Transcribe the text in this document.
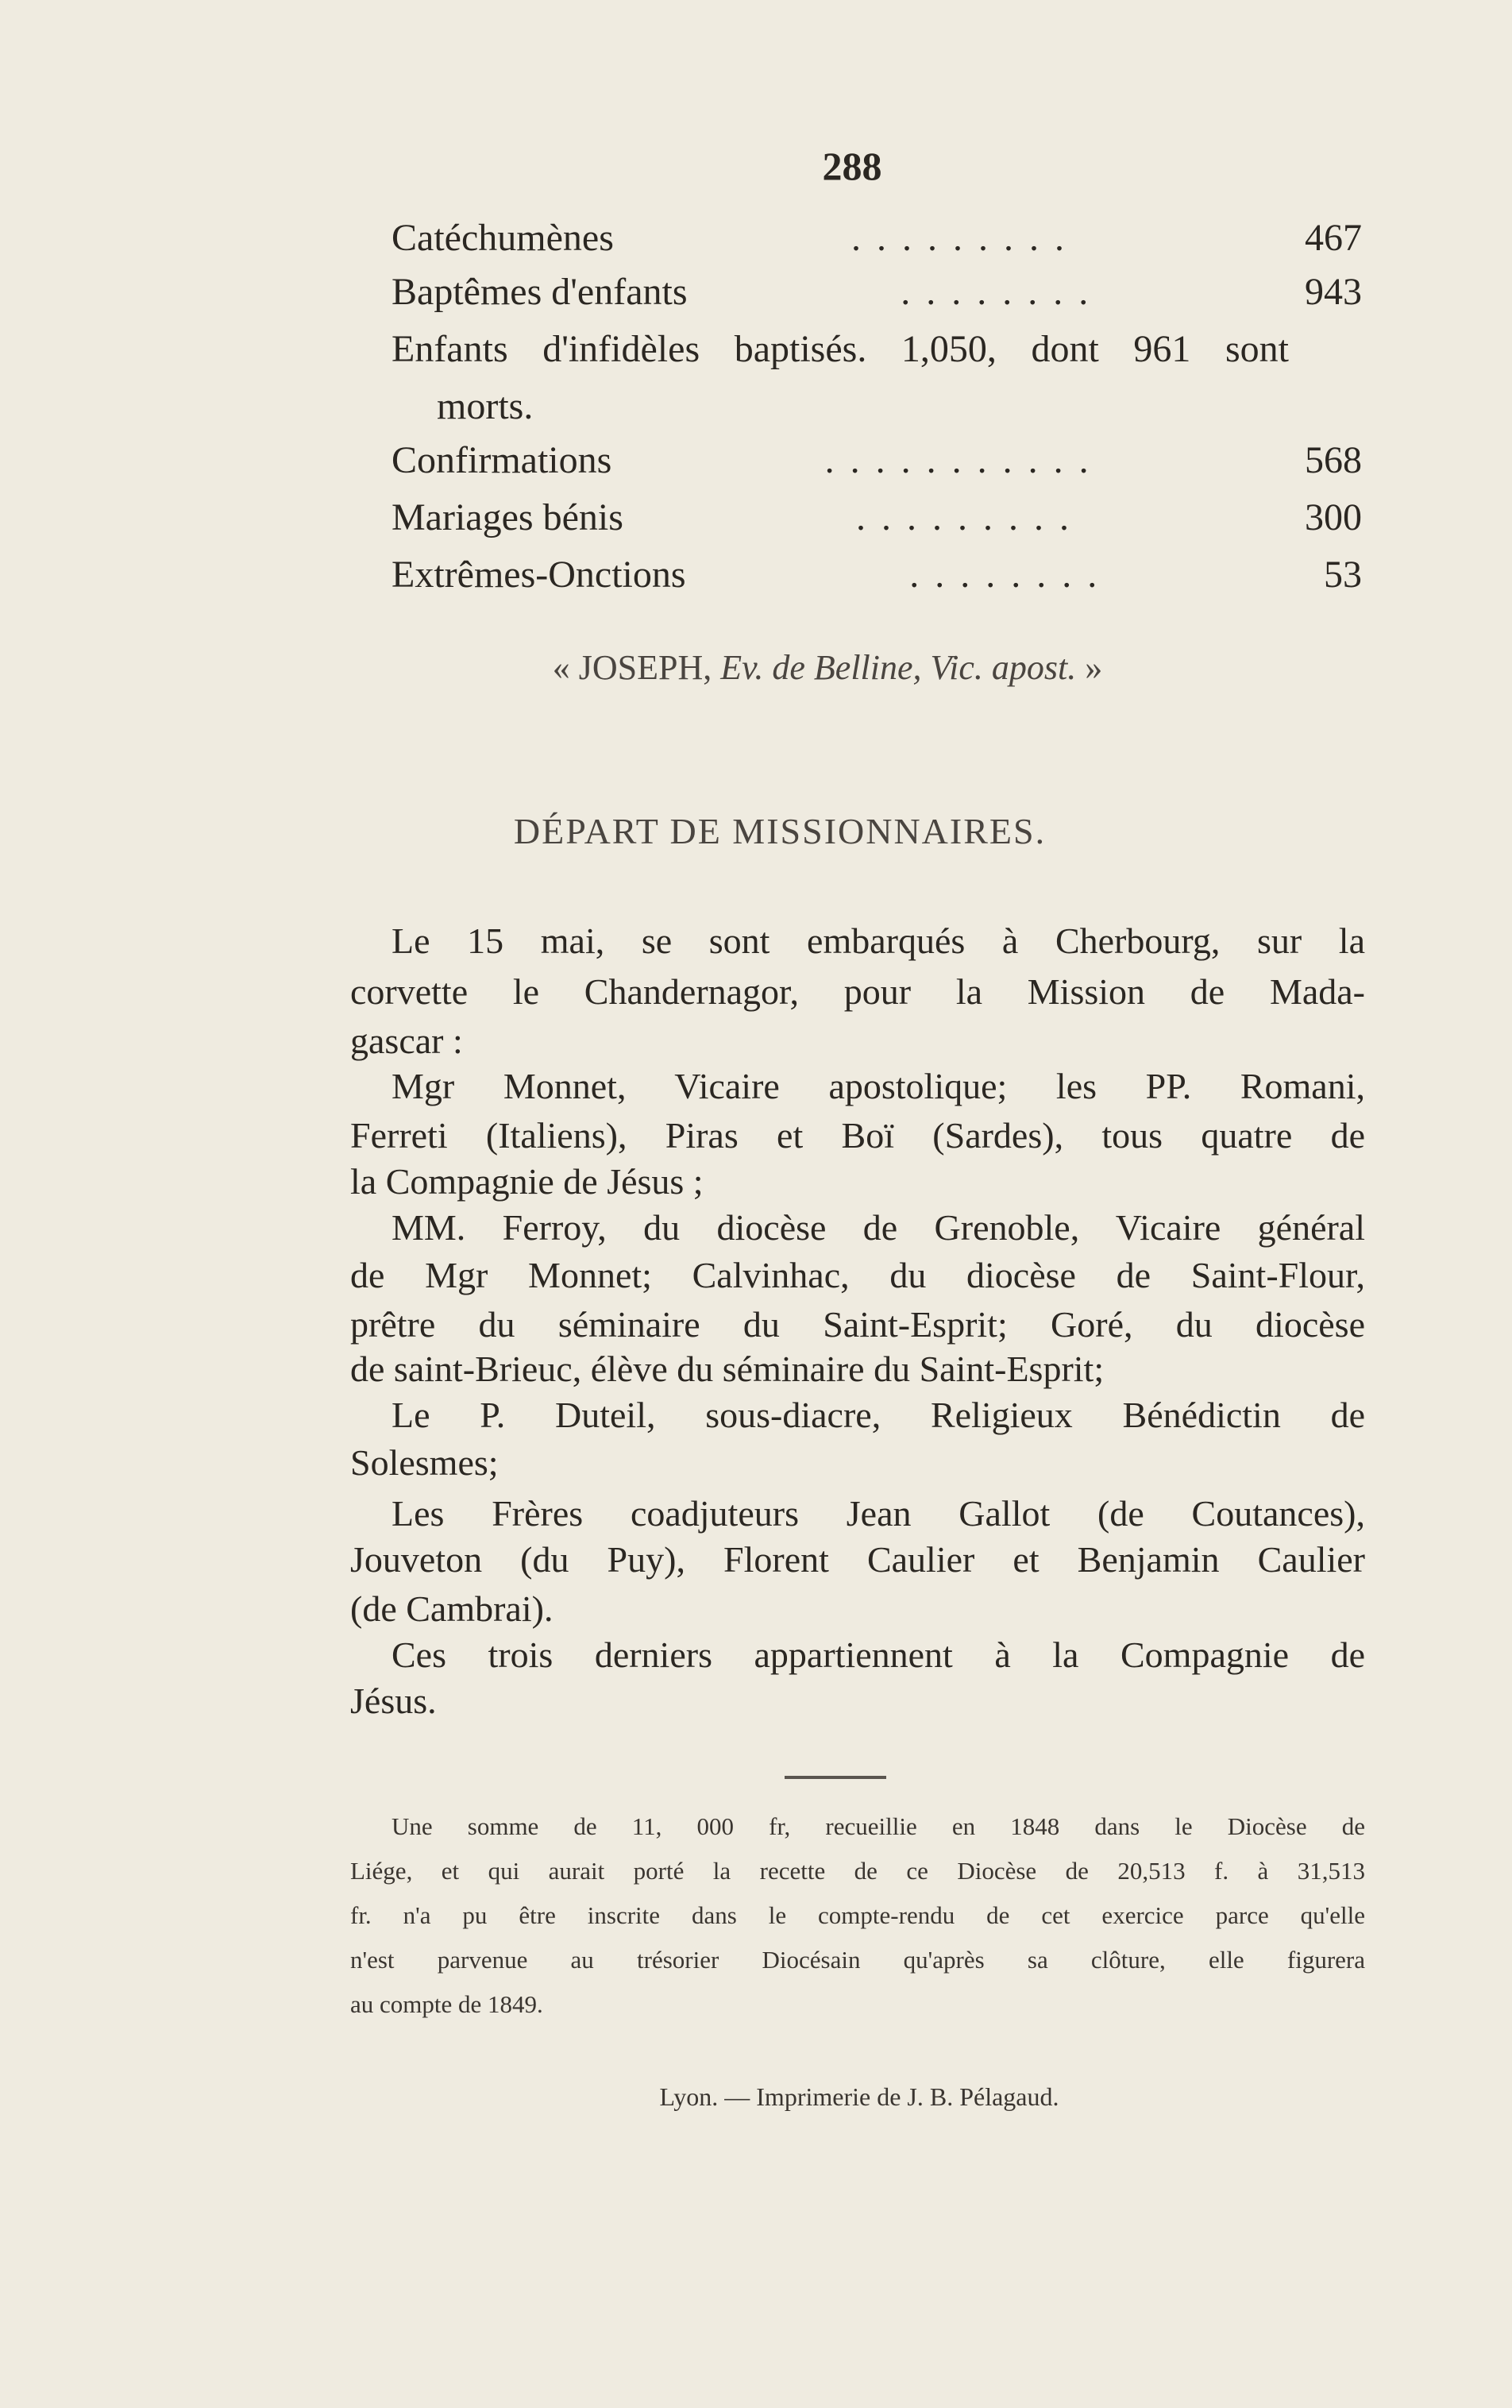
288
Catéchumènes	. . . . . . . . .	467
Baptêmes d'enfants	. . . . . . . .	943
Enfants d'infidèles baptisés. 1,050, dont 961 sont
morts.
Confirmations	. . . . . . . . . . .	568
Mariages bénis	. . . . . . . . .	300
Extrêmes-Onctions	. . . . . . . .	53
« JOSEPH, Ev. de Belline, Vic. apost. »
DÉPART DE MISSIONNAIRES.
Le 15 mai, se sont embarqués à Cherbourg, sur la
corvette le Chandernagor, pour la Mission de Mada-
gascar :
Mgr Monnet, Vicaire apostolique; les PP. Romani,
Ferreti (Italiens), Piras et Boï (Sardes), tous quatre de
la Compagnie de Jésus ;
MM. Ferroy, du diocèse de Grenoble, Vicaire général
de Mgr Monnet; Calvinhac, du diocèse de Saint-Flour,
prêtre du séminaire du Saint-Esprit; Goré, du diocèse
de saint-Brieuc, élève du séminaire du Saint-Esprit;
Le P. Duteil, sous-diacre, Religieux Bénédictin de
Solesmes;
Les Frères coadjuteurs Jean Gallot (de Coutances),
Jouveton (du Puy), Florent Caulier et Benjamin Caulier
(de Cambrai).
Ces trois derniers appartiennent à la Compagnie de
Jésus.
Une somme de 11, 000 fr, recueillie en 1848 dans le Diocèse de
Liége, et qui aurait porté la recette de ce Diocèse de 20,513 f. à 31,513
fr. n'a pu être inscrite dans le compte-rendu de cet exercice parce qu'elle
n'est parvenue au trésorier Diocésain qu'après sa clôture, elle figurera
au compte de 1849.
Lyon. — Imprimerie de J. B. Pélagaud.
